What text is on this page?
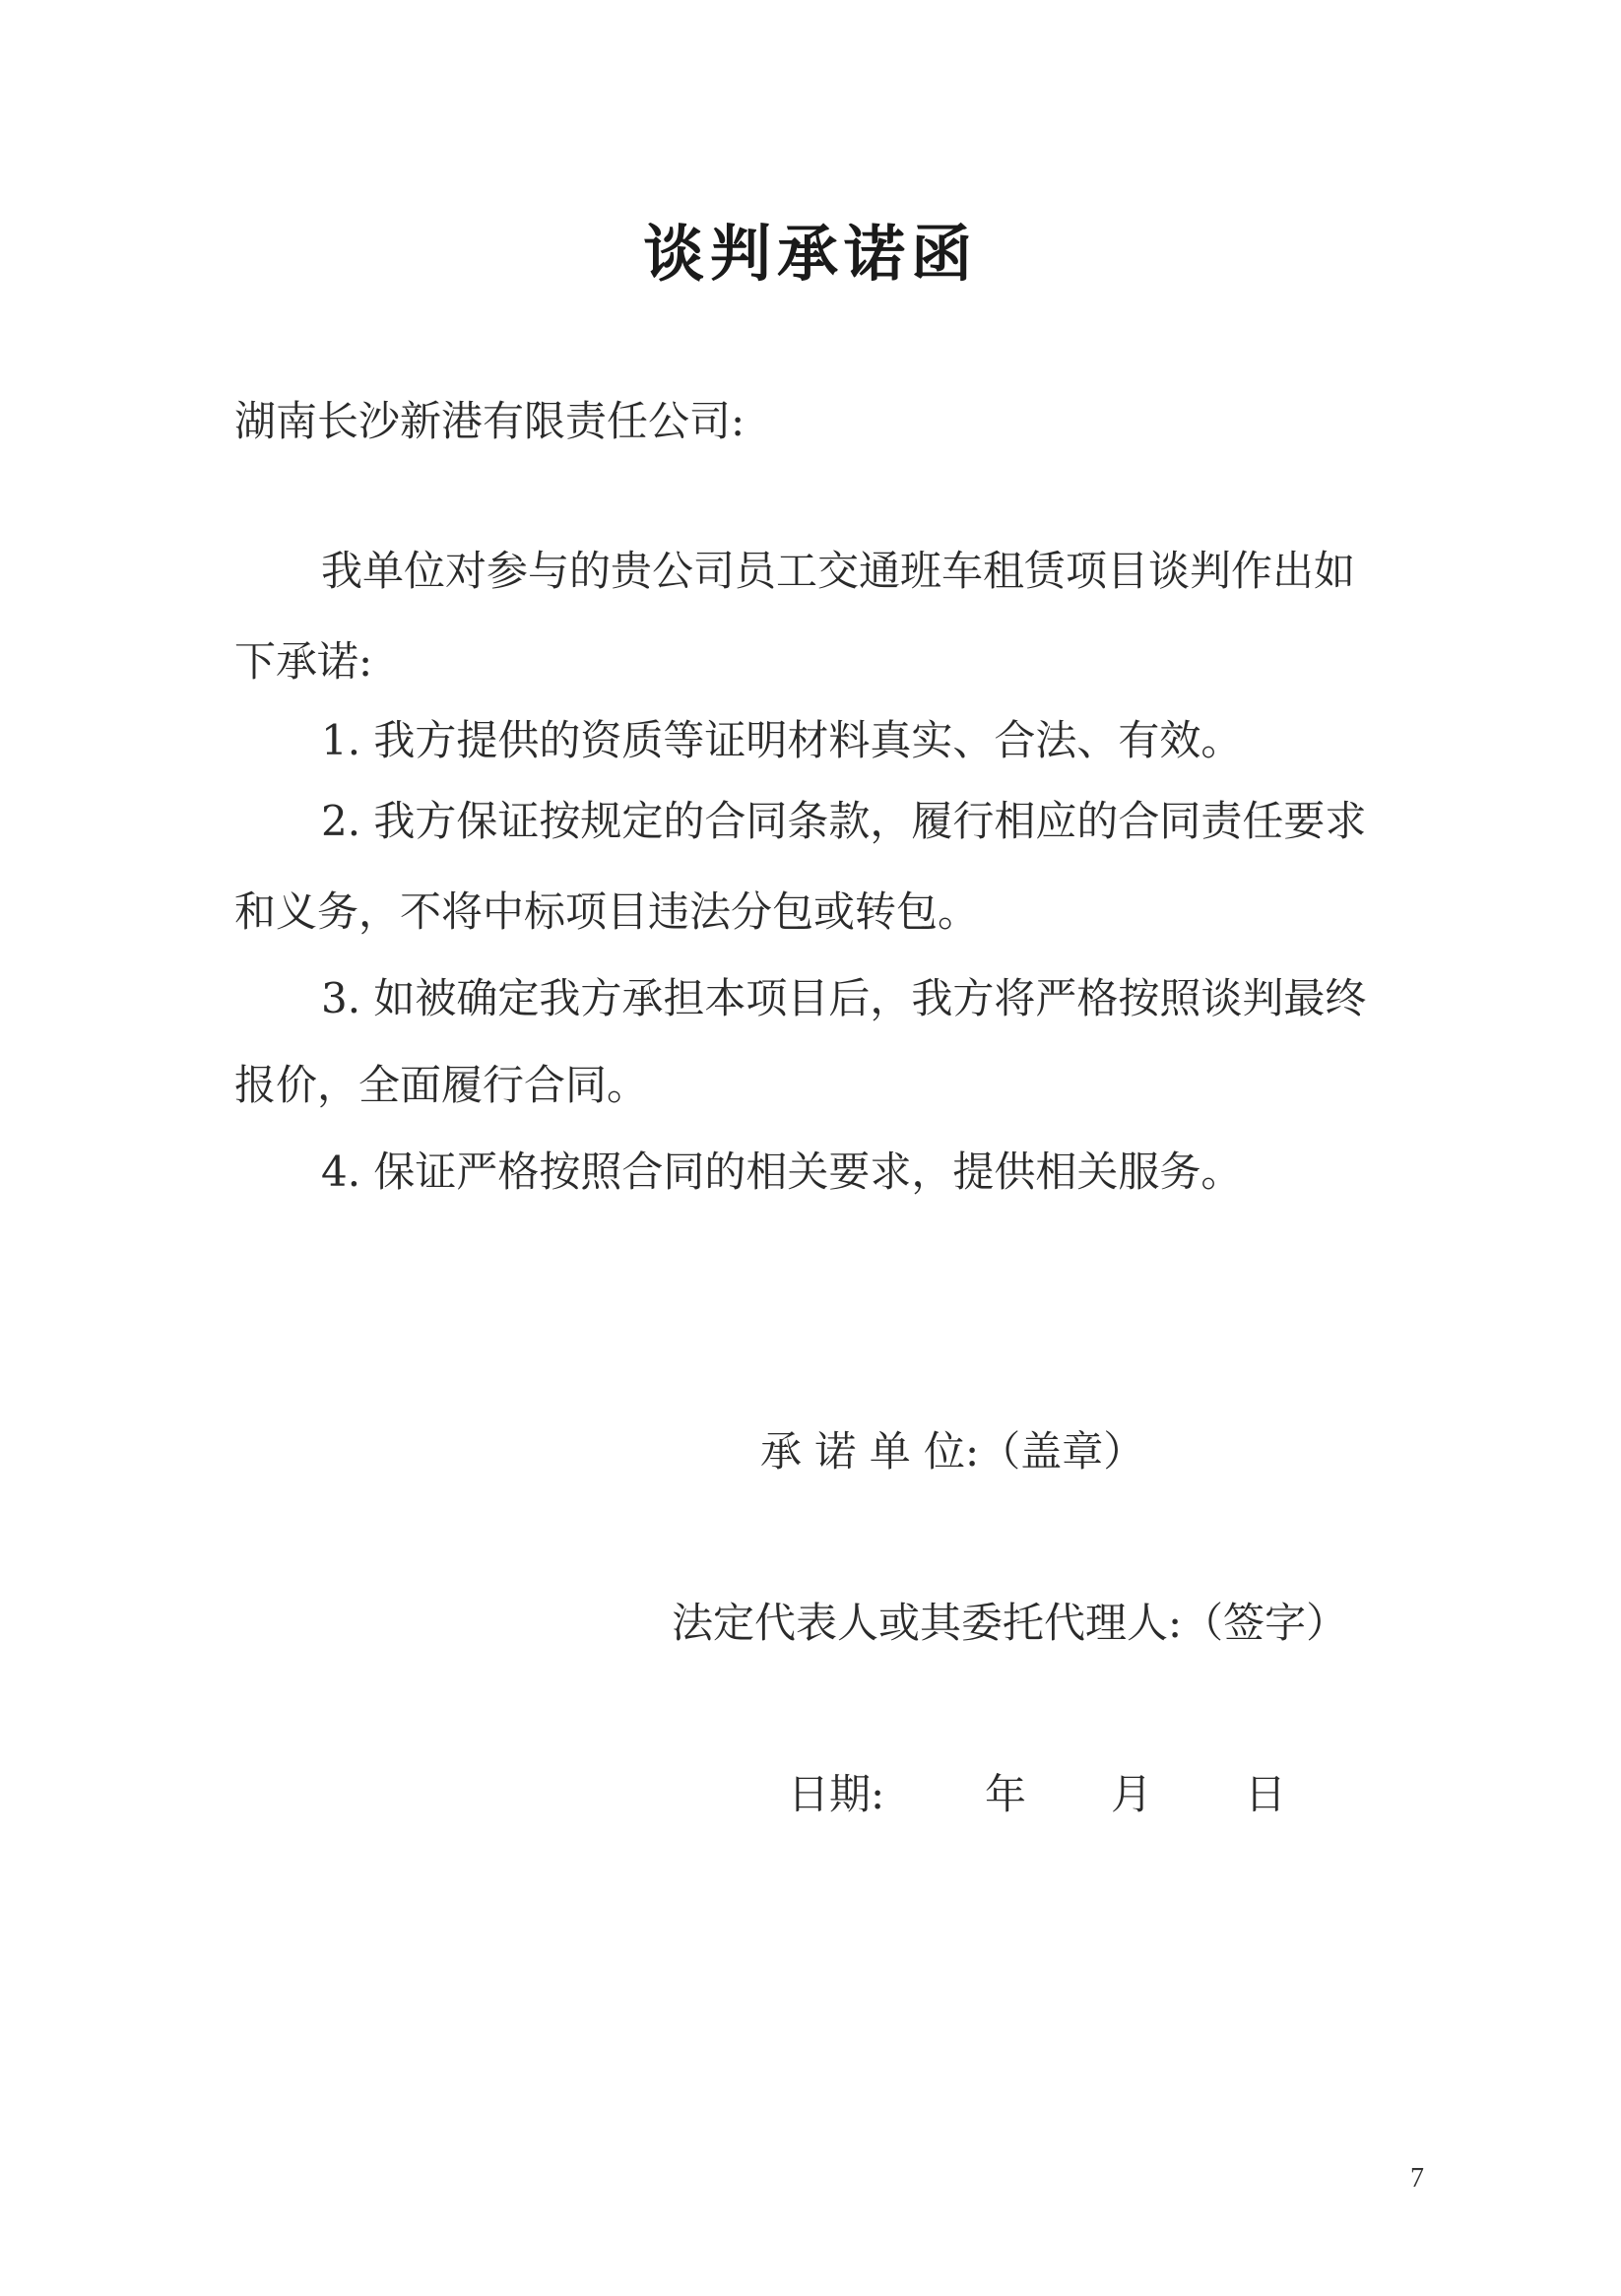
谈判承诺函
湖南长沙新港有限责任公司:
我单位对参与的贵公司员工交通班车租赁项目谈判作出如
下承诺:
1. 我方提供的资质等证明材料真实、合法、有效。
2. 我方保证按规定的合同条款，履行相应的合同责任要求
和义务，不将中标项目违法分包或转包。
3. 如被确定我方承担本项目后，我方将严格按照谈判最终
报价，全面履行合同。
4. 保证严格按照合同的相关要求，提供相关服务。
承 诺 单 位:（盖章）
法定代表人或其委托代理人:（签字）
日期: 年 月 日
7
